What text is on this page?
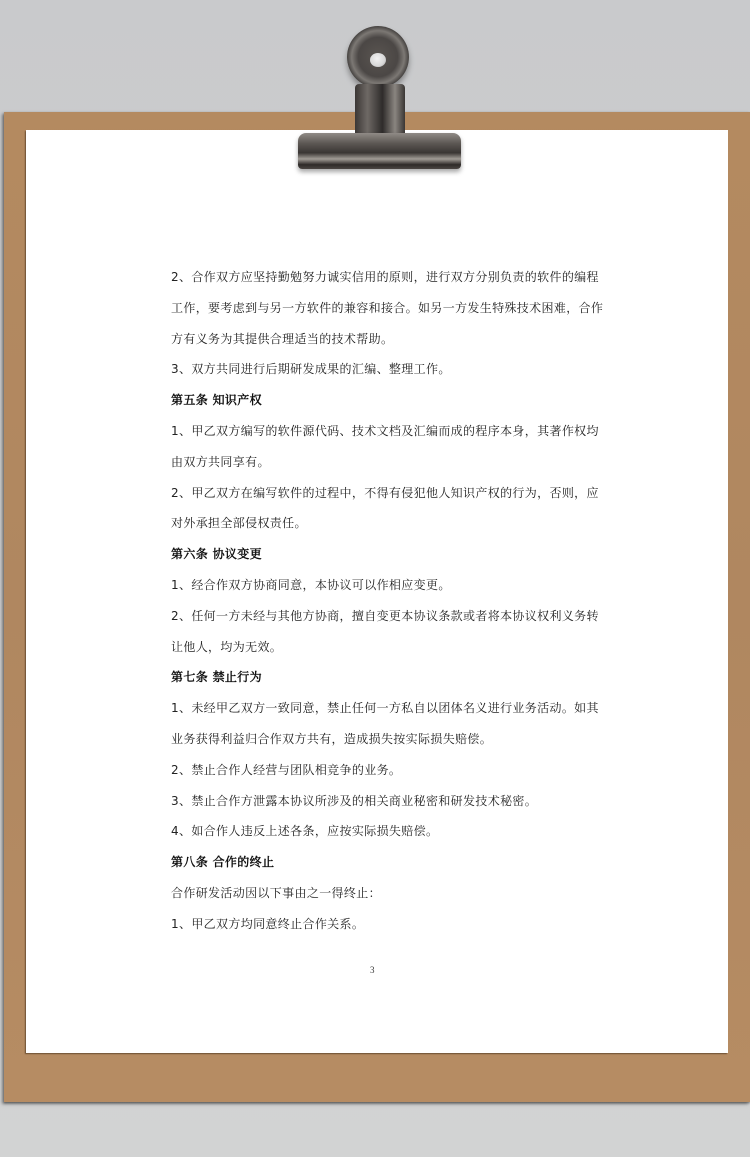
2、合作双方应坚持勤勉努力诚实信用的原则，进行双方分别负责的软件的编程
工作，要考虑到与另一方软件的兼容和接合。如另一方发生特殊技术困难，合作
方有义务为其提供合理适当的技术帮助。
3、双方共同进行后期研发成果的汇编、整理工作。
第五条 知识产权
1、甲乙双方编写的软件源代码、技术文档及汇编而成的程序本身，其著作权均
由双方共同享有。
2、甲乙双方在编写软件的过程中，不得有侵犯他人知识产权的行为，否则，应
对外承担全部侵权责任。
第六条 协议变更
1、经合作双方协商同意，本协议可以作相应变更。
2、任何一方未经与其他方协商，擅自变更本协议条款或者将本协议权利义务转
让他人，均为无效。
第七条 禁止行为
1、未经甲乙双方一致同意，禁止任何一方私自以团体名义进行业务活动。如其
业务获得利益归合作双方共有，造成损失按实际损失赔偿。
2、禁止合作人经营与团队相竞争的业务。
3、禁止合作方泄露本协议所涉及的相关商业秘密和研发技术秘密。
4、如合作人违反上述各条，应按实际损失赔偿。
第八条 合作的终止
合作研发活动因以下事由之一得终止：
1、甲乙双方均同意终止合作关系。
3
